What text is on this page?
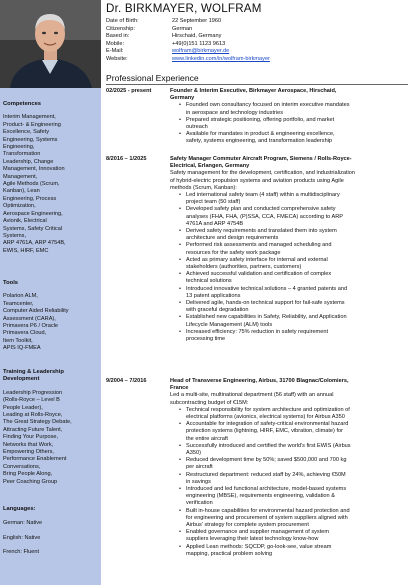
Competences
Interim Management,
Product- & Engineering
Excellence, Safety
Engineering, Systems
Engineering,
Transformation
Leadership, Change
Management, Innovation
Management,
Agile Methods (Scrum,
Kanban), Lean
Engineering, Process
Optimization,
Aerospace Engineering,
Avionik, Electrical
Systems, Safety Critical
Systems,
ARP 4761A, ARP 4754B,
EWIS, HIRF, EMC
Tools
Polarion ALM,
Teamcenter,
Computer Aided Reliability
Assessment (CARA),
Primavera P6 / Oracle
Primavera Cloud,
Item Toolkit,
APIS IQ-FMEA
Training & Leadership
Development
Leadership Progression
(Rolls-Royce – Level B
People Leader),
Leading at Rolls-Royce,
The Great Strategy Debate,
Attracting Future Talent,
Finding Your Purpose,
Networks that Work,
Empowering Others,
Performance Enablement
Conversations,
Bring People Along,
Peer Coaching Group
Languages:
German: Native
English: Native
French: Fluent
Dr. BIRKMAYER, WOLFRAM
Date of Birth:	22 September 1960
Citizenship:	German
Based in:	Hirschaid, Germany
Mobile:	+49(0)151 1123 9613
E-Mail:	wolfram@birkmayer.de
Website:	www.linkedin.com/in/wolfram-birkmayer
Professional Experience
02/2025 - present	Founder & Interim Executive, Birkmayer Aerospace, Hirschaid,
Germany
• Founded own consultancy focused on interim executive mandates
in aerospace and technology industries
• Prepared strategic positioning, offering portfolio, and market
outreach
• Available for mandates in product & engineering excellence,
safety, systems engineering, and transformation leadership
8/2016 – 1/2025	Safety Manager Commuter Aircraft Program, Siemens / Rolls-Royce-
Electrical, Erlangen, Germany
Safety management for the development, certification, and industrialization
of hybrid-electric propulsion systems and aviation products using Agile
methods (Scrum, Kanban):
• Led international safety team (4 staff) within a multidisciplinary
project team (50 staff)
• Developed safety plan and conducted comprehensive safety
analyses (FHA, FHA, (P)SSA, CCA, FMECA) according to ARP
4761A and ARP 4754B
• Derived safety requirements and translated them into system
architecture and design requirements
• Performed risk assessments and managed scheduling and
resources for the safety work package
• Acted as primary safety interface for internal and external
stakeholders (authorities, partners, customers)
• Achieved successful validation and certification of complex
technical solutions
• Introduced innovative technical solutions – 4 granted patents and
13 patent applications
• Delivered agile, hands-on technical support for fail-safe systems
with graceful degradation
• Established new capabilities in Safety, Reliability, and Application
Lifecycle Management (ALM) tools
• Increased efficiency: 75% reduction in safety requirement
processing time
9/2004 – 7/2016	Head of Transverse Engineering, Airbus, 31700 Blagnac/Colomiers,
France
Led a multi-site, multinational department (56 staff) with an annual
subcontracting budget of €15M:
• Technical responsibility for system architecture and optimization of
electrical platforms (avionics, electrical systems) for Airbus A350
• Accountable for integration of safety-critical environmental hazard
protection systems (lightning, HIRF, EMC, vibration, climate) for
the entire aircraft
• Successfully introduced and certified the world's first EWIS (Airbus
A350)
• Reduced development time by 50%; saved $500,000 and 700 kg
per aircraft
• Restructured department: reduced staff by 24%, achieving €50M
in savings
• Introduced and led functional architecture, model-based systems
engineering (MBSE), requirements engineering, validation &
verification
• Built in-house capabilities for environmental hazard protection and
for engineering and procurement of system suppliers aligned with
Airbus' strategy for complete system procurement
• Enabled governance and supplier management of system
suppliers leveraging their latest technology know-how
• Applied Lean methods: SQCDP, go-look-see, value stream
mapping, practical problem solving
